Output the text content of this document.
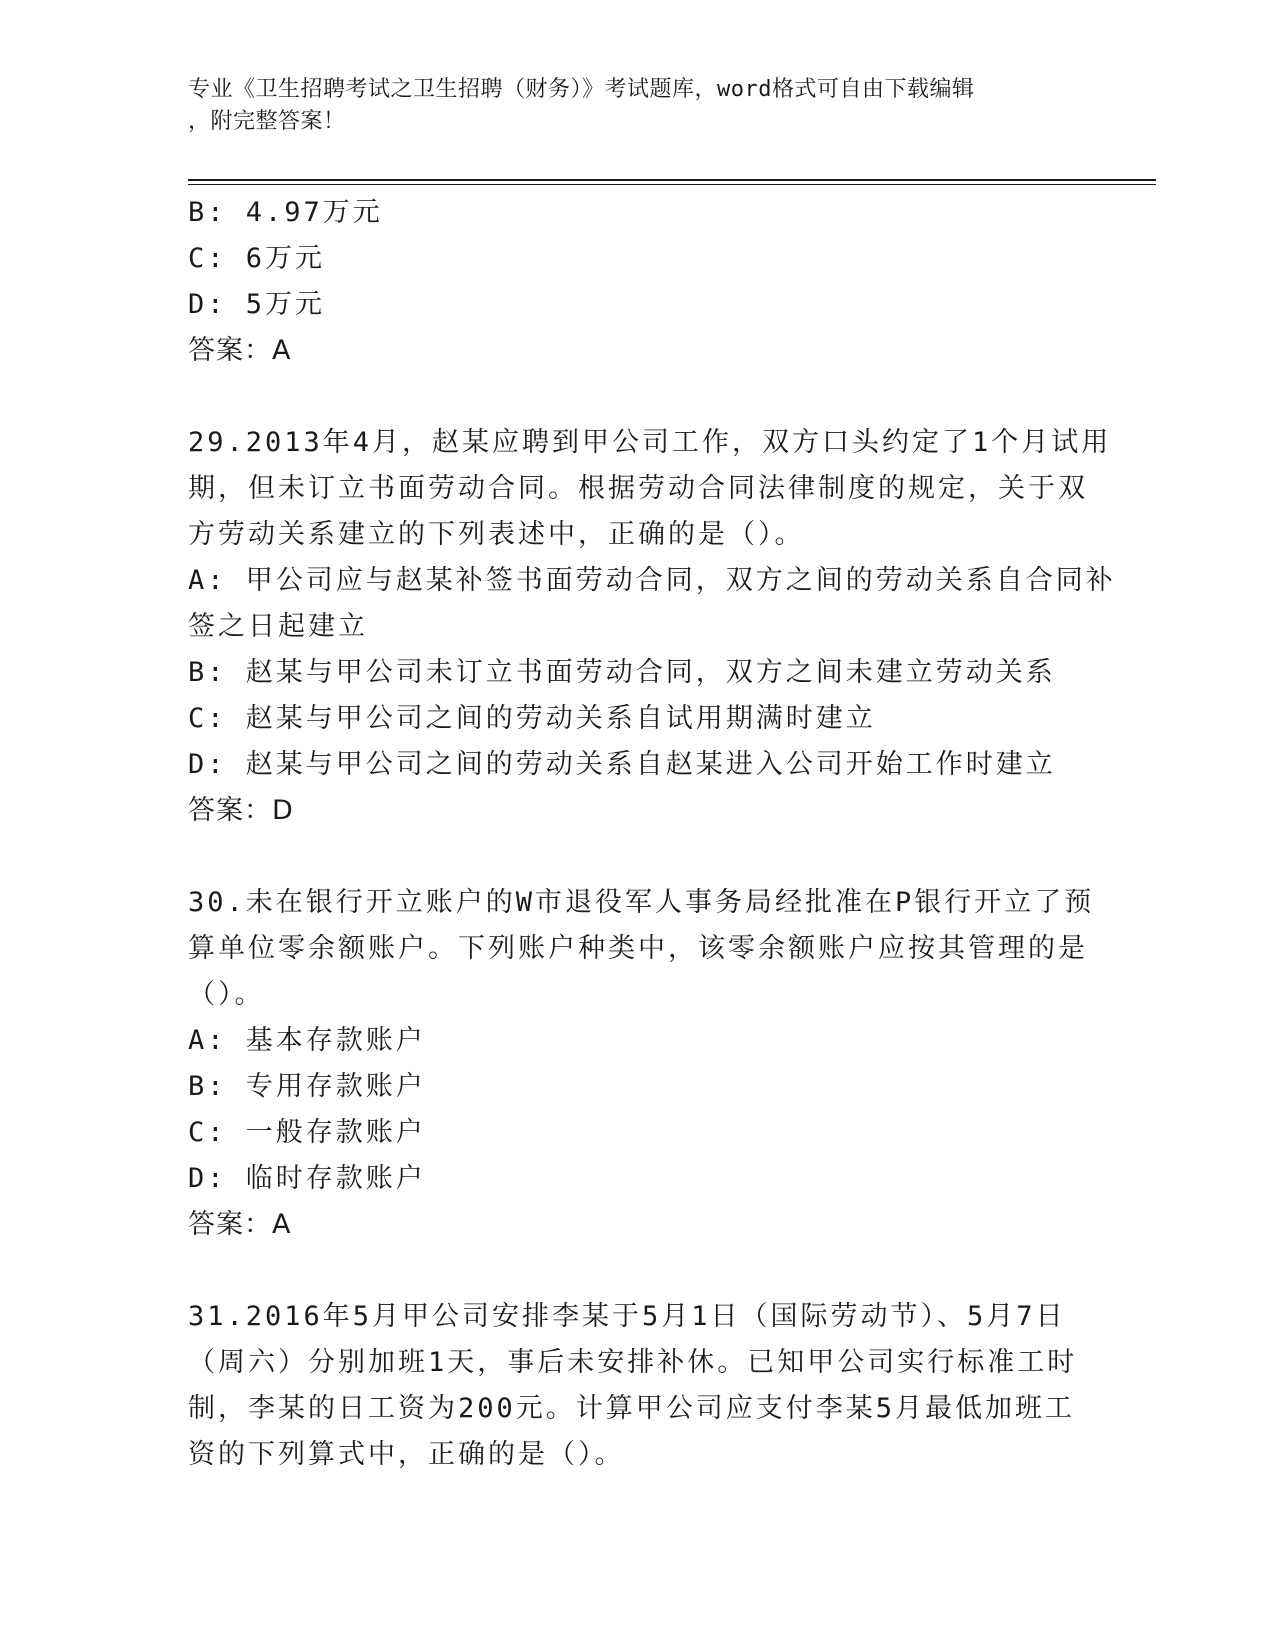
专业《卫生招聘考试之卫生招聘（财务）》考试题库，word格式可自由下载编辑
，附完整答案！
B: 4.97万元
C: 6万元
D: 5万元
答案：A
29.2013年4月，赵某应聘到甲公司工作，双方口头约定了1个月试用
期，但未订立书面劳动合同。根据劳动合同法律制度的规定，关于双
方劳动关系建立的下列表述中，正确的是（）。
A: 甲公司应与赵某补签书面劳动合同，双方之间的劳动关系自合同补
签之日起建立
B: 赵某与甲公司未订立书面劳动合同，双方之间未建立劳动关系
C: 赵某与甲公司之间的劳动关系自试用期满时建立
D: 赵某与甲公司之间的劳动关系自赵某进入公司开始工作时建立
答案：D
30.未在银行开立账户的W市退役军人事务局经批准在P银行开立了预
算单位零余额账户。下列账户种类中，该零余额账户应按其管理的是
（）。
A: 基本存款账户
B: 专用存款账户
C: 一般存款账户
D: 临时存款账户
答案：A
31.2016年5月甲公司安排李某于5月1日（国际劳动节）、5月7日
（周六）分别加班1天，事后未安排补休。已知甲公司实行标准工时
制，李某的日工资为200元。计算甲公司应支付李某5月最低加班工
资的下列算式中，正确的是（）。
